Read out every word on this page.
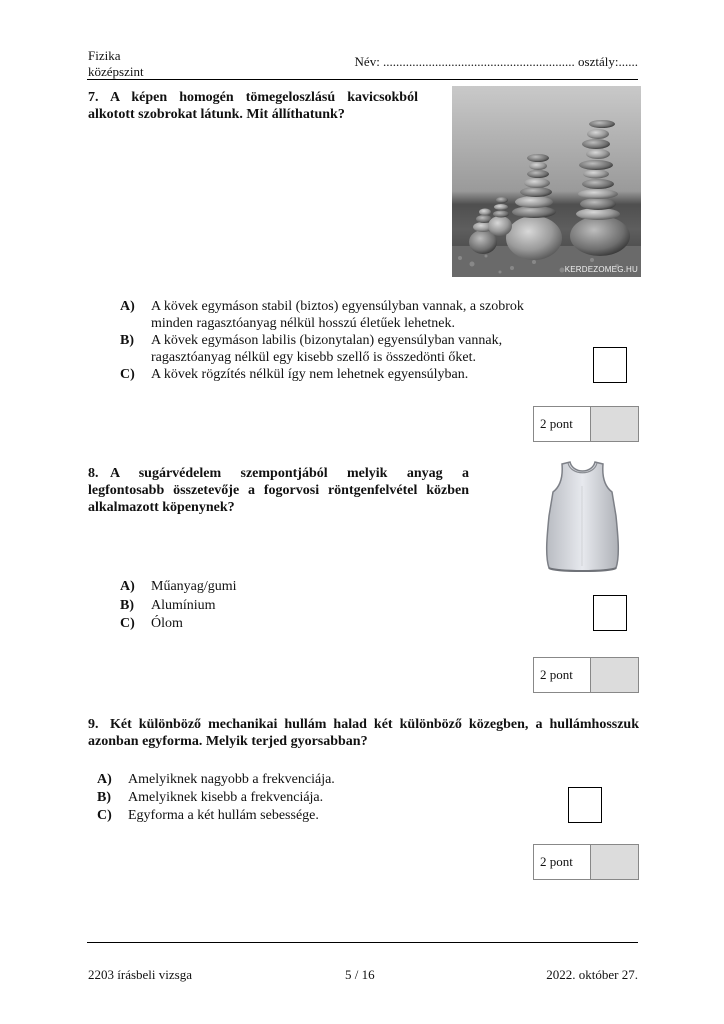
Fizika
középszint
Név: ........................................................... osztály:......
7. A képen homogén tömegeloszlású kavicsokból alkotott szobrokat látunk. Mit állíthatunk?
KERDEZOMEG.HU
A) A kövek egymáson stabil (biztos) egyensúlyban vannak, a szobrok
minden ragasztóanyag nélkül hosszú életűek lehetnek.
B) A kövek egymáson labilis (bizonytalan) egyensúlyban vannak,
ragasztóanyag nélkül egy kisebb szellő is összedönti őket.
C) A kövek rögzítés nélkül így nem lehetnek egyensúlyban.
2 pont
8. A sugárvédelem szempontjából melyik anyag a legfontosabb összetevője a fogorvosi röntgenfelvétel közben alkalmazott köpenynek?
A) Műanyag/gumi
B) Alumínium
C) Ólom
2 pont
9. Két különböző mechanikai hullám halad két különböző közegben, a hullámhosszuk azonban egyforma. Melyik terjed gyorsabban?
A) Amelyiknek nagyobb a frekvenciája.
B) Amelyiknek kisebb a frekvenciája.
C) Egyforma a két hullám sebessége.
2 pont
2203 írásbeli vizsga	5 / 16	2022. október 27.
